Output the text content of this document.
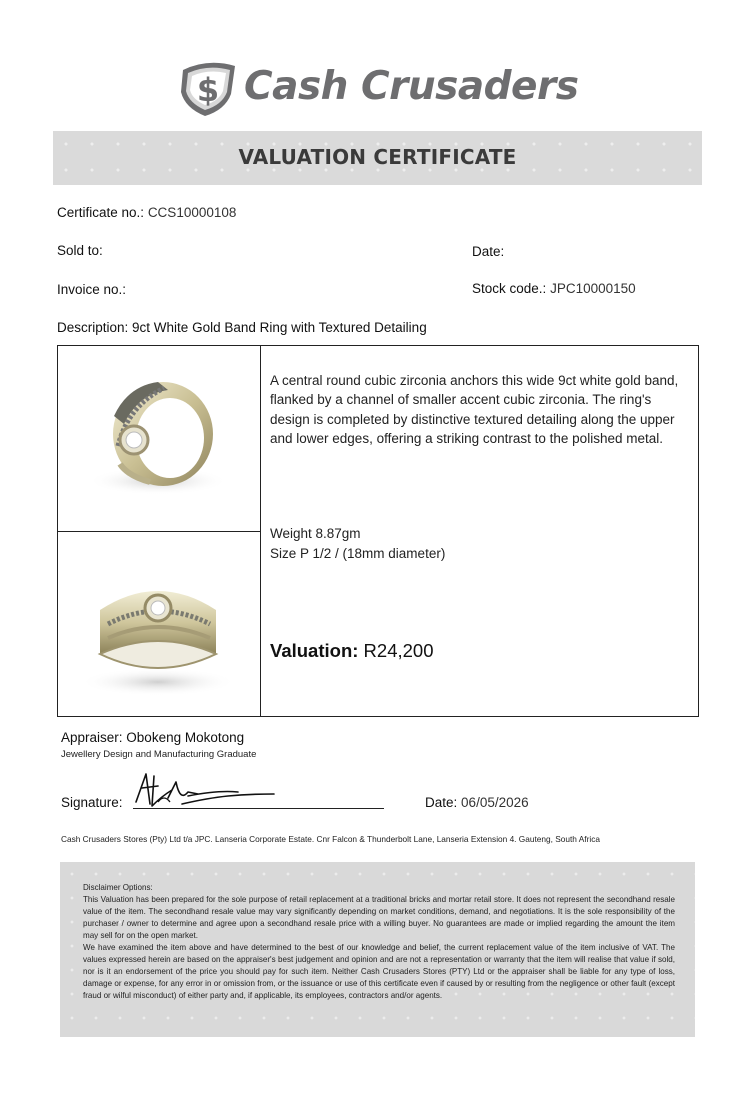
$ Cash Crusaders
VALUATION CERTIFICATE
Certificate no.: CCS10000108
Sold to:	Date:
Invoice no.:	Stock code.: JPC10000150
Description: 9ct White Gold Band Ring with Textured Detailing
A central round cubic zirconia anchors this wide 9ct white gold band, flanked by a channel of smaller accent cubic zirconia. The ring's design is completed by distinctive textured detailing along the upper and lower edges, offering a striking contrast to the polished metal.
Weight 8.87gm
Size P 1/2 / (18mm diameter)
Valuation: R24,200
Appraiser: Obokeng Mokotong
Jewellery Design and Manufacturing Graduate
Signature:	Date: 06/05/2026
Cash Crusaders Stores (Pty) Ltd t/a JPC. Lanseria Corporate Estate. Cnr Falcon & Thunderbolt Lane, Lanseria Extension 4. Gauteng, South Africa
Disclaimer Options:
This Valuation has been prepared for the sole purpose of retail replacement at a traditional bricks and mortar retail store. It does not represent the secondhand resale value of the item. The secondhand resale value may vary significantly depending on market conditions, demand, and negotiations. It is the sole responsibility of the purchaser / owner to determine and agree upon a secondhand resale price with a willing buyer. No guarantees are made or implied regarding the amount the item may sell for on the open market.
We have examined the item above and have determined to the best of our knowledge and belief, the current replacement value of the item inclusive of VAT. The values expressed herein are based on the appraiser's best judgement and opinion and are not a representation or warranty that the item will realise that value if sold, nor is it an endorsement of the price you should pay for such item. Neither Cash Crusaders Stores (PTY) Ltd or the appraiser shall be liable for any type of loss, damage or expense, for any error in or omission from, or the issuance or use of this certificate even if caused by or resulting from the negligence or other fault (except fraud or wilful misconduct) of either party and, if applicable, its employees, contractors and/or agents.
